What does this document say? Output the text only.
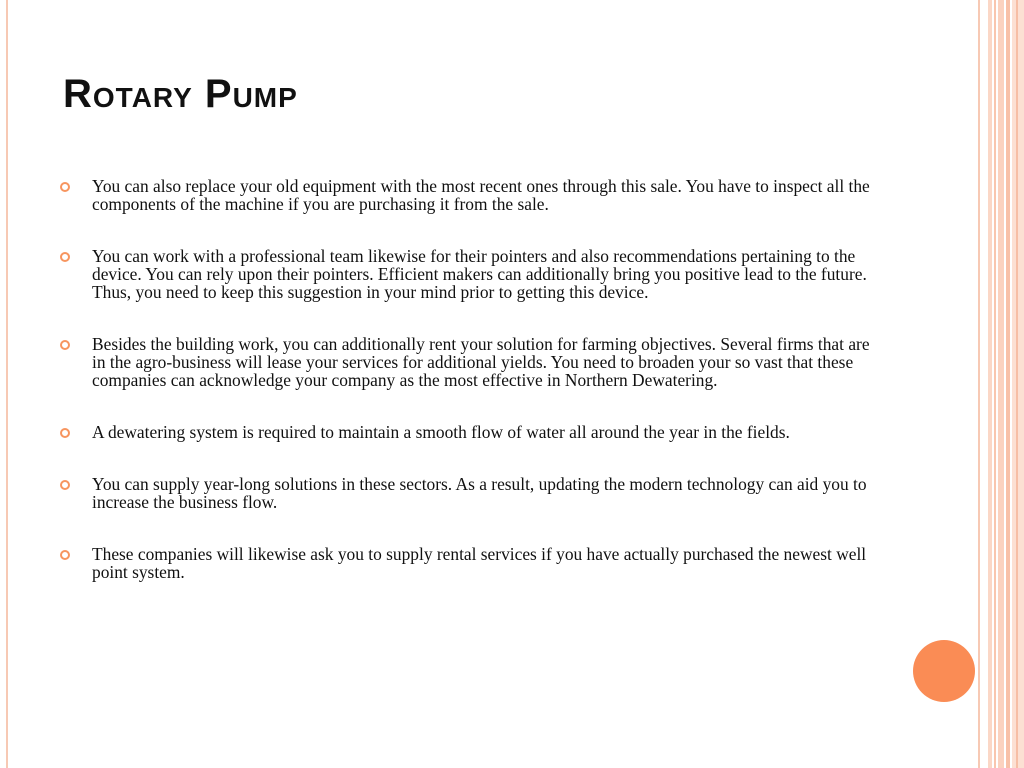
Rotary Pump
You can also replace your old equipment with the most recent ones through this sale. You have to inspect all the components of the machine if you are purchasing it from the sale.
You can work with a professional team likewise for their pointers and also recommendations pertaining to the device. You can rely upon their pointers. Efficient makers can additionally bring you positive lead to the future. Thus, you need to keep this suggestion in your mind prior to getting this device.
Besides the building work, you can additionally rent your solution for farming objectives. Several firms that are in the agro-business will lease your services for additional yields. You need to broaden your so vast that these companies can acknowledge your company as the most effective in Northern Dewatering.
A dewatering system is required to maintain a smooth flow of water all around the year in the fields.
You can supply year-long solutions in these sectors. As a result, updating the modern technology can aid you to increase the business flow.
These companies will likewise ask you to supply rental services if you have actually purchased the newest well point system.
